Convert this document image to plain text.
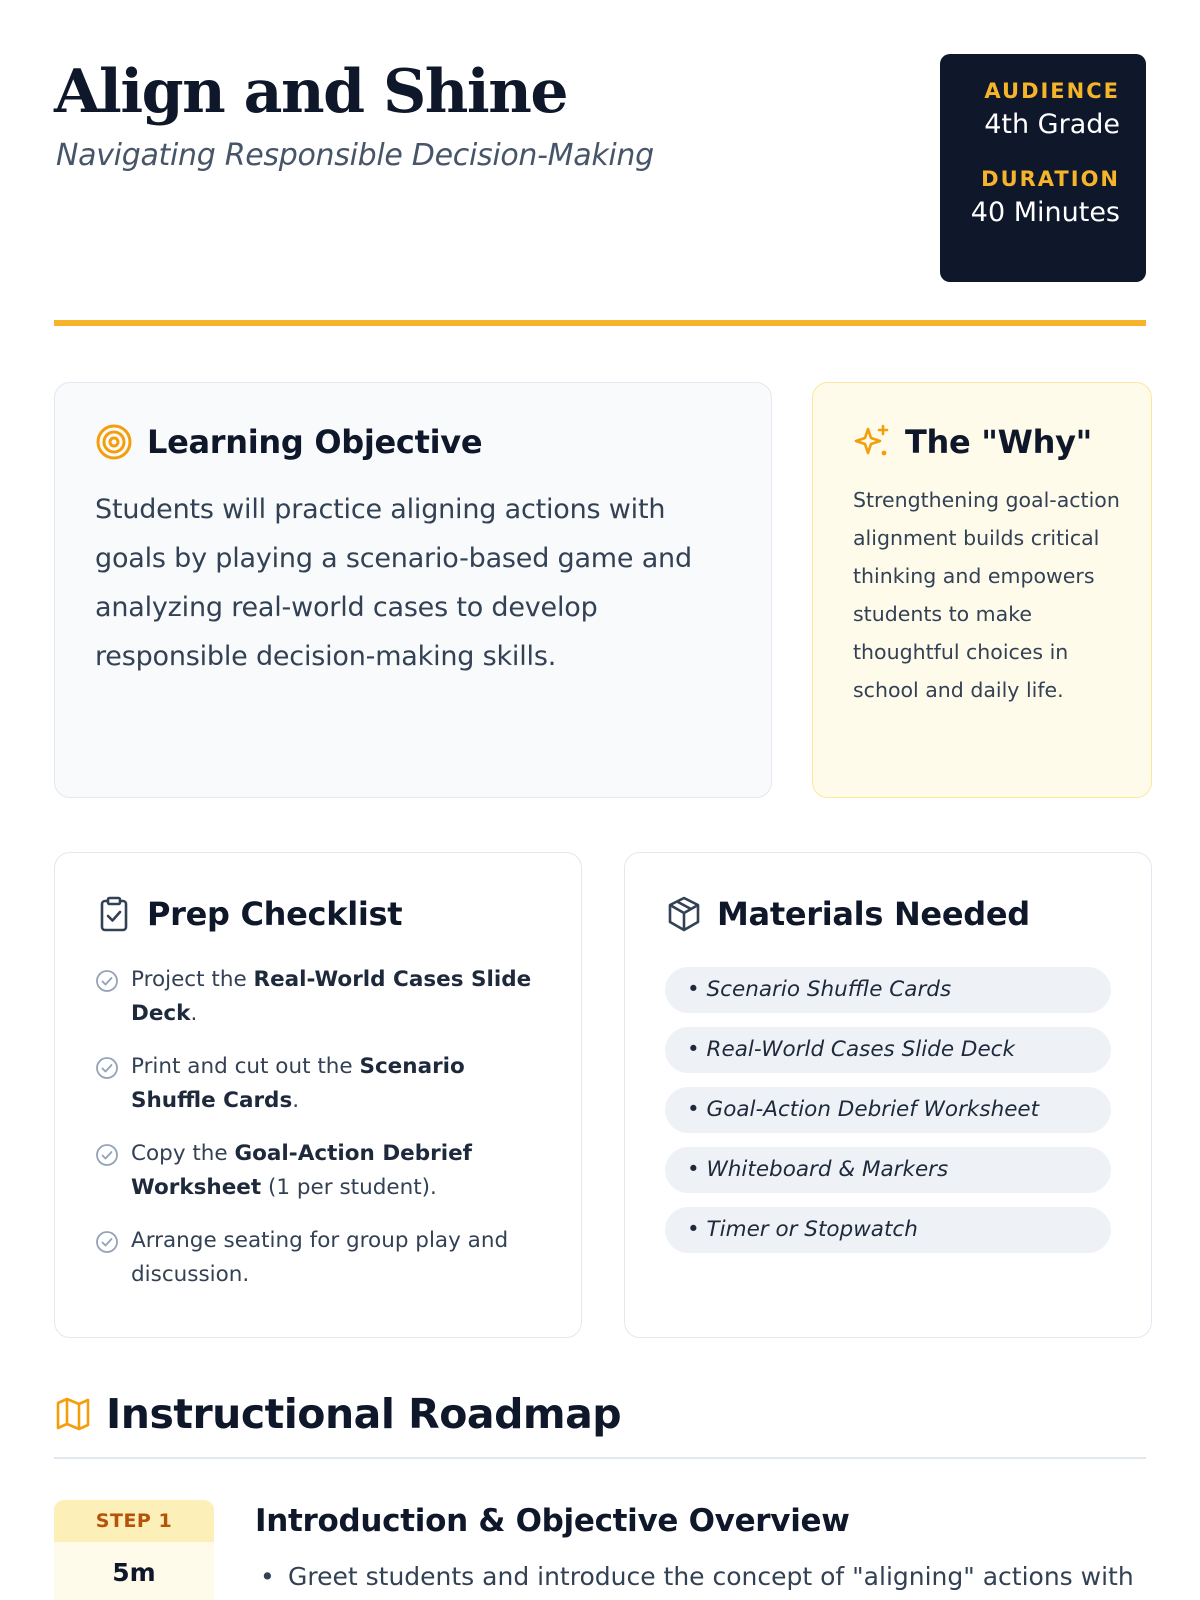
Align and Shine
Navigating Responsible Decision-Making
AUDIENCE
4th Grade
DURATION
40 Minutes
Learning Objective

Students will practice aligning actions with goals by playing a scenario-based game and analyzing real-world cases to develop responsible decision-making skills.

The "Why"

Strengthening goal-action alignment builds critical thinking and empowers students to make thoughtful choices in school and daily life.

Prep Checklist
Project the Real-World Cases Slide Deck.
Print and cut out the Scenario Shuffle Cards.
Copy the Goal-Action Debrief Worksheet (1 per student).
Arrange seating for group play and discussion.
Materials Needed
• Scenario Shuffle Cards
• Real-World Cases Slide Deck
• Goal-Action Debrief Worksheet
• Whiteboard & Markers
• Timer or Stopwatch
Instructional Roadmap
STEP 1
5m
Introduction & Objective Overview
• Greet students and introduce the concept of "aligning" actions with
